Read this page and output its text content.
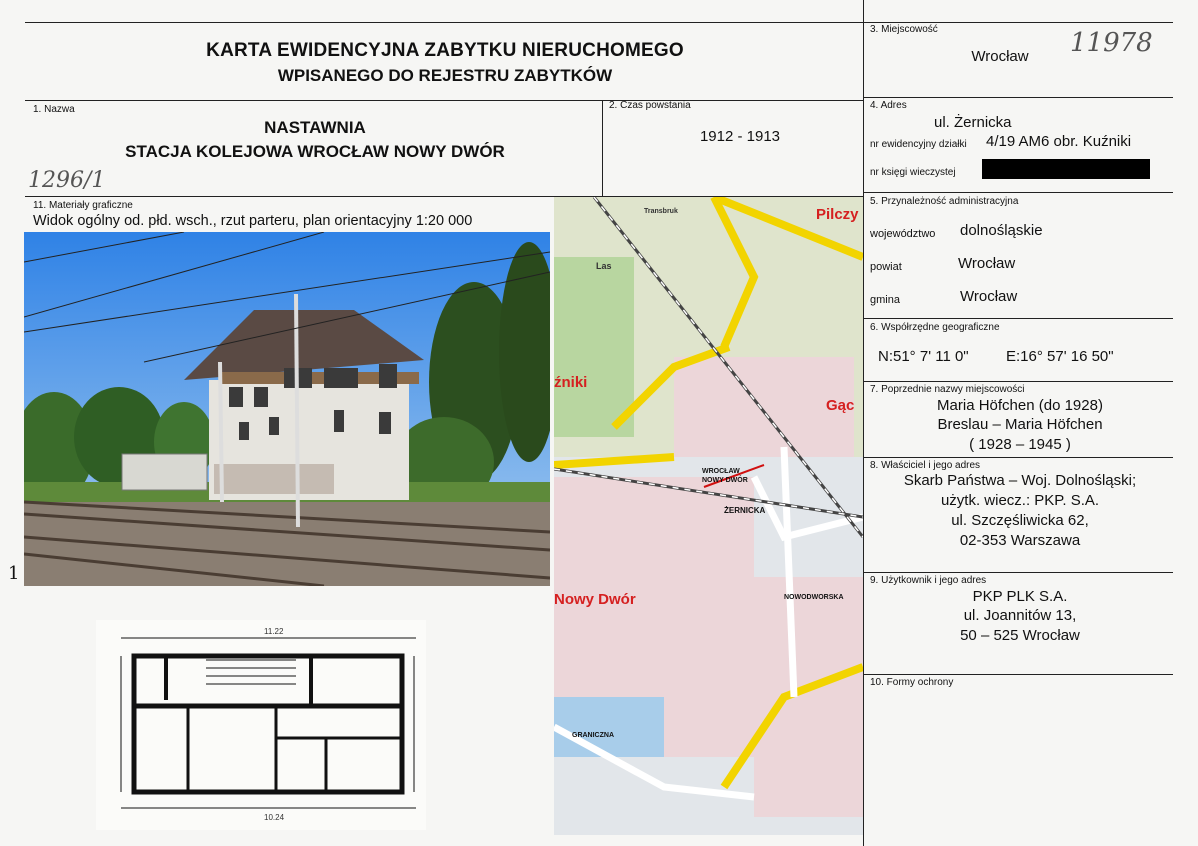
KARTA EWIDENCYJNA ZABYTKU NIERUCHOMEGO
WPISANEGO DO REJESTRU ZABYTKÓW
3. Miejscowość
Wrocław	11978
1. Nazwa
NASTAWNIA
STACJA KOLEJOWA WROCŁAW NOWY DWÓR
1296/1
2. Czas powstania
1912 - 1913
4. Adres
ul. Żernicka
nr ewidencyjny działki 4/19 AM6 obr. Kuźniki
nr księgi wieczystej
11. Materiały graficzne
Widok ogólny od. płd. wsch., rzut parteru, plan orientacyjny 1:20 000
1
11.22
10.24
Pilczy
Gąc
źniki
Nowy Dwór
Las
WROCŁAW
NOWY DWÓR
ŻERNICKA
NOWODWORSKA
GRANICZNA
Transbruk
5. Przynależność administracyjna
województwo dolnośląskie
powiat	Wrocław
gmina	Wrocław
6. Współrzędne geograficzne
N:51° 7' 11 0" E:16° 57' 16 50"
7. Poprzednie nazwy miejscowości
Maria Höfchen (do 1928)
Breslau – Maria Höfchen
( 1928 – 1945 )
8. Właściciel i jego adres
Skarb Państwa – Woj. Dolnośląski;
użytk. wiecz.: PKP. S.A.
ul. Szczęśliwicka 62,
02-353 Warszawa
9. Użytkownik i jego adres
PKP PLK S.A.
ul. Joannitów 13,
50 – 525 Wrocław
10. Formy ochrony
